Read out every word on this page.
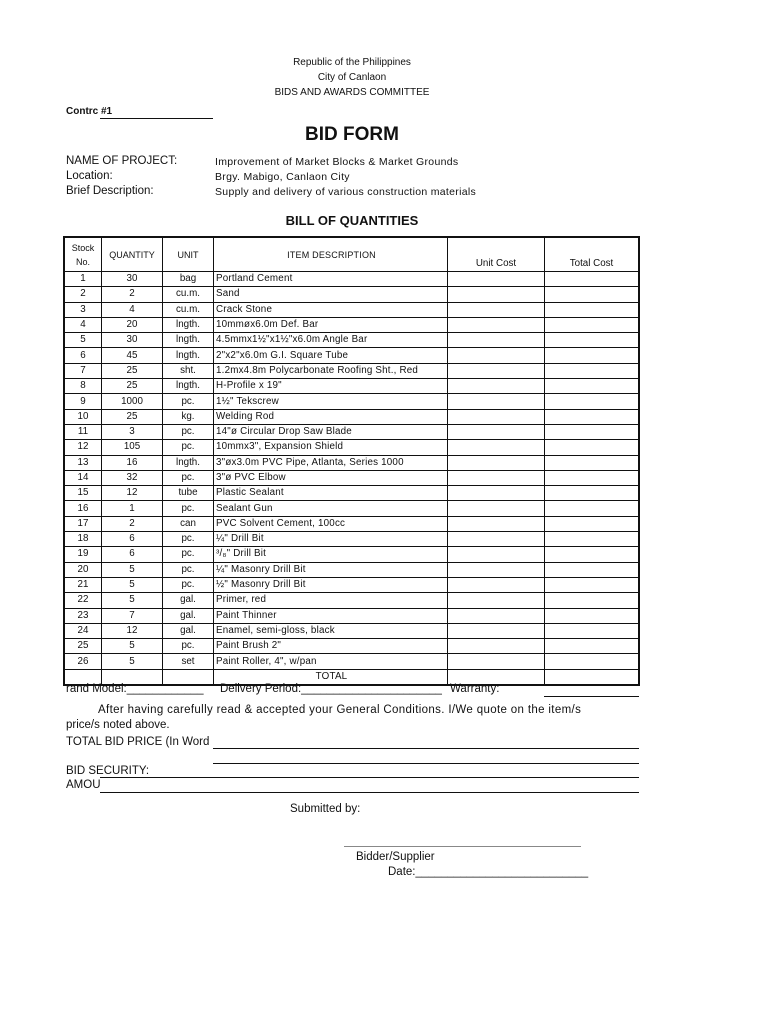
Republic of the Philippines
City of Canlaon
BIDS AND AWARDS COMMITTEE
Contrc #1
BID FORM
NAME OF PROJECT:	Improvement of Market Blocks & Market Grounds
Location:	Brgy. Mabigo, Canlaon City
Brief Description:	Supply and delivery of various construction materials
BILL OF QUANTITIES
Stock No.	QUANTITY	UNIT	ITEM DESCRIPTION	Unit Cost	Total Cost
1	30	bag	Portland Cement		
2	2	cu.m.	Sand		
3	4	cu.m.	Crack Stone		
4	20	lngth.	10mmøx6.0m Def. Bar		
5	30	lngth.	4.5mmx1½"x1½"x6.0m Angle Bar		
6	45	lngth.	2"x2"x6.0m G.I. Square Tube		
7	25	sht.	1.2mx4.8m Polycarbonate Roofing Sht., Red		
8	25	lngth.	H-Profile x 19"		
9	1000	pc.	1½" Tekscrew		
10	25	kg.	Welding Rod		
11	3	pc.	14"ø Circular Drop Saw Blade		
12	105	pc.	10mmx3", Expansion Shield		
13	16	lngth.	3"øx3.0m PVC Pipe, Atlanta, Series 1000		
14	32	pc.	3"ø PVC Elbow		
15	12	tube	Plastic Sealant		
16	1	pc.	Sealant Gun		
17	2	can	PVC Solvent Cement, 100cc		
18	6	pc.	¼" Drill Bit		
19	6	pc.	³/₈" Drill Bit		
20	5	pc.	¼" Masonry Drill Bit		
21	5	pc.	½" Masonry Drill Bit		
22	5	gal.	Primer, red		
23	7	gal.	Paint Thinner		
24	12	gal.	Enamel, semi-gloss, black		
25	5	pc.	Paint Brush 2"		
26	5	set	Paint Roller, 4", w/pan		
			TOTAL		
rand Model:____________ Delivery Period:______________________ Warranty:
After having carefully read & accepted your General Conditions. I/We quote on the item/s
price/s noted above.
TOTAL BID PRICE (In Word
BID SECURITY:
AMOU
Submitted by:
Bidder/Supplier
Date:___________________________
